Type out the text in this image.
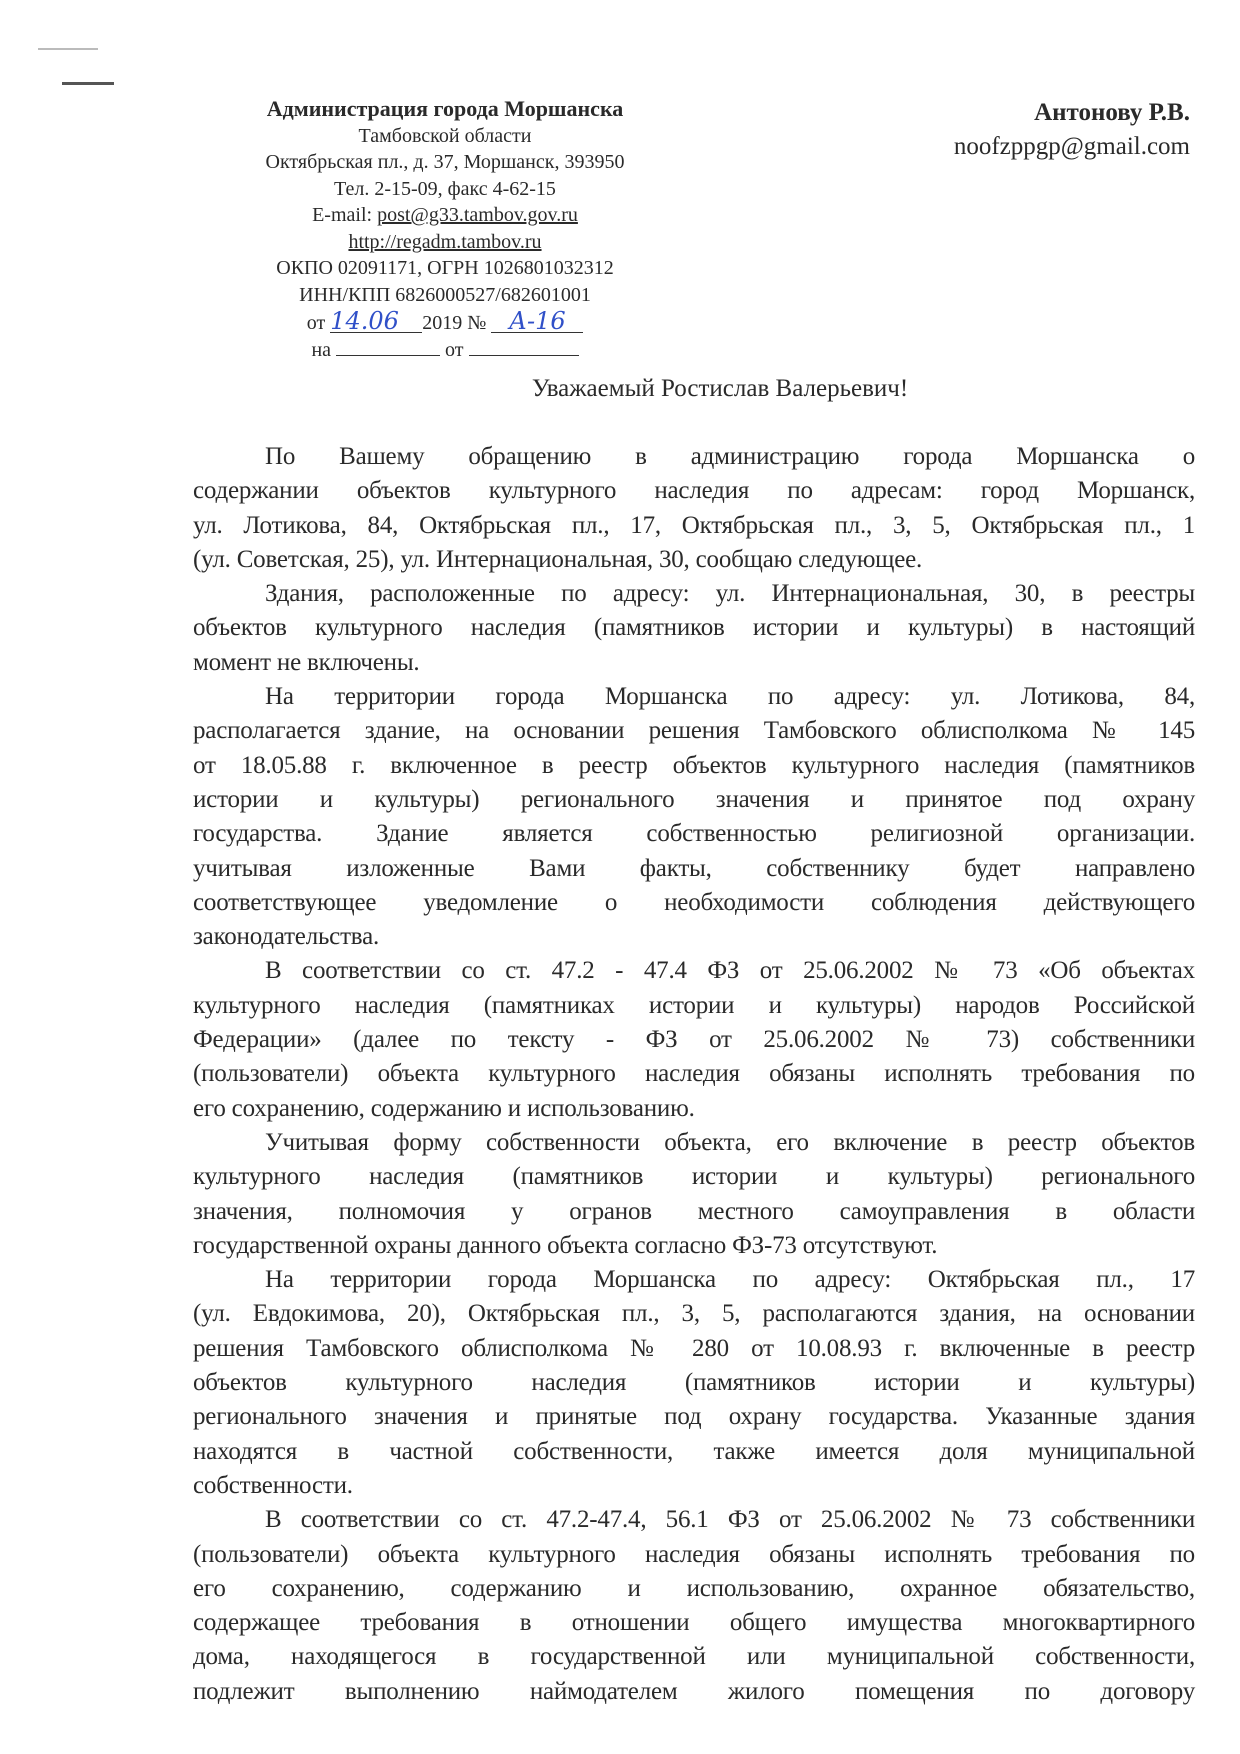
Администрация города Моршанска
Тамбовской области
Октябрьская пл., д. 37, Моршанск, 393950
Тел. 2-15-09, факс 4-62-15
E-mail: post@g33.tambov.gov.ru
http://regadm.tambov.ru
ОКПО 02091171, ОГРН 1026801032312
ИНН/КПП 6826000527/682601001
от 14.06 2019 № А-16
на	от
Антонову Р.В.
noofzppgp@gmail.com
Уважаемый Ростислав Валерьевич!
По Вашему обращению в администрацию города Моршанска о
содержании объектов культурного наследия по адресам: город Моршанск,
ул. Лотикова, 84, Октябрьская пл., 17, Октябрьская пл., 3, 5, Октябрьская пл., 1
(ул. Советская, 25), ул. Интернациональная, 30, сообщаю следующее.
Здания, расположенные по адресу: ул. Интернациональная, 30, в реестры
объектов культурного наследия (памятников истории и культуры) в настоящий
момент не включены.
На территории города Моршанска по адресу: ул. Лотикова, 84,
располагается здание, на основании решения Тамбовского облисполкома № 145
от 18.05.88 г. включенное в реестр объектов культурного наследия (памятников
истории и культуры) регионального значения и принятое под охрану
государства. Здание является собственностью религиозной организации.
учитывая изложенные Вами факты, собственнику будет направлено
соответствующее уведомление о необходимости соблюдения действующего
законодательства.
В соответствии со ст. 47.2 - 47.4 ФЗ от 25.06.2002 № 73 «Об объектах
культурного наследия (памятниках истории и культуры) народов Российской
Федерации» (далее по тексту - ФЗ от 25.06.2002 № 73) собственники
(пользователи) объекта культурного наследия обязаны исполнять требования по
его сохранению, содержанию и использованию.
Учитывая форму собственности объекта, его включение в реестр объектов
культурного наследия (памятников истории и культуры) регионального
значения, полномочия у огранов местного самоуправления в области
государственной охраны данного объекта согласно ФЗ-73 отсутствуют.
На территории города Моршанска по адресу: Октябрьская пл., 17
(ул. Евдокимова, 20), Октябрьская пл., 3, 5, располагаются здания, на основании
решения Тамбовского облисполкома № 280 от 10.08.93 г. включенные в реестр
объектов культурного наследия (памятников истории и культуры)
регионального значения и принятые под охрану государства. Указанные здания
находятся в частной собственности, также имеется доля муниципальной
собственности.
В соответствии со ст. 47.2-47.4, 56.1 ФЗ от 25.06.2002 № 73 собственники
(пользователи) объекта культурного наследия обязаны исполнять требования по
его сохранению, содержанию и использованию, охранное обязательство,
содержащее требования в отношении общего имущества многоквартирного
дома, находящегося в государственной или муниципальной собственности,
подлежит выполнению наймодателем жилого помещения по договору
